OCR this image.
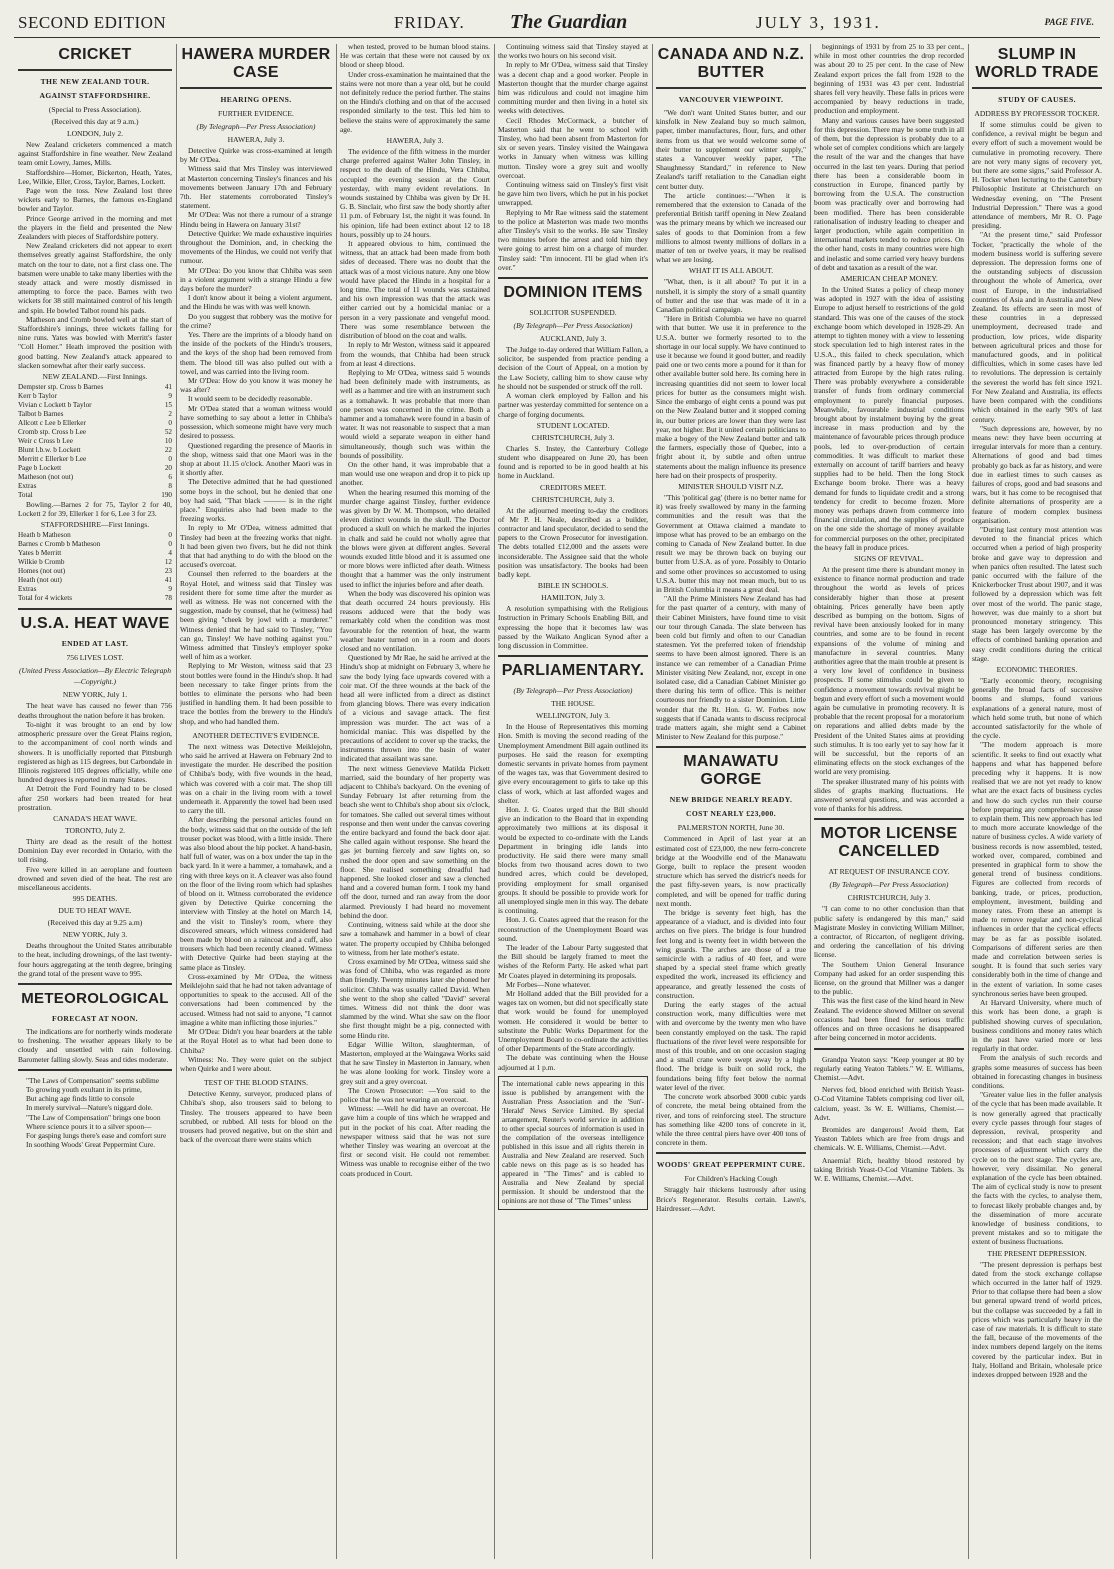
SECOND EDITION	FRIDAY. The Guardian	JULY 3, 1931.	PAGE FIVE.
CRICKET
THE NEW ZEALAND TOUR.
AGAINST STAFFORDSHIRE.
(Special to Press Association).
(Received this day at 9 a.m.)
LONDON, July 2.

New Zealand cricketers commenced a match against Staffordshire in fine weather. New Zealand team omit Lowry, James, Mills.

Staffordshire—Homer, Bickerton, Heath, Yates, Lee, Wilkie, Eller, Cross, Taylor, Barnes, Lockett.

Page won the toss. New Zealand lost three wickets early to Barnes, the famous ex-England bowler and Taylor.

Prince George arrived in the morning and met the players in the field and presented the New Zealanders with pieces of Staffordshire pottery.

New Zealand cricketers did not appear to exert themselves greatly against Staffordshire, the only match on the tour to date, not a first class one. The batsmen were unable to take many liberties with the steady attack and were mostly dismissed in attempting to force the pace. Barnes with two wickets for 38 still maintained control of his length and spin. He bowled Talbot round his pads.

Matheson and Cromb bowled well at the start of Staffordshire's innings, three wickets falling for nine runs. Yates was bowled with Merritt's faster "Coll Homer." Heath improved the position with good batting. New Zealand's attack appeared to slacken somewhat after their early success.

NEW ZEALAND.—First Innings.
Dempster stp. Cross b Barnes	41
Kerr b Taylor	9
Vivian c Lockett b Taylor	15
Talbot b Barnes	2
Allcott c Lee b Ellerker	0
Cromb stp. Cross b Lee	52
Weir c Cross b Lee	10
Blunt l.b.w. b Lockett	22
Merritt c Ellerker b Lee	0
Page b Lockett	20
Matheson (not out)	6
Extras	8
Total	190

Bowling.—Barnes 2 for 75, Taylor 2 for 40, Lockett 2 for 39, Ellerker 1 for 6, Lee 3 for 23.

STAFFORDSHIRE—First Innings.
Heath b Matheson	0
Barnes c Cromb b Matheson	0
Yates b Merritt	4
Wilkie b Cromb	12
Homes (not out)	23
Heath (not out)	41
Extras	9
Total for 4 wickets	78
U.S.A. HEAT WAVE
ENDED AT LAST.
756 LIVES LOST.
(United Press Association—By Electric Telegraph—Copyright.)
NEW YORK, July 1.

The heat wave has caused no fewer than 756 deaths throughout the nation before it has broken.

To-night it was brought to an end by low atmospheric pressure over the Great Plains region, to the accompaniment of cool north winds and showers. It is unofficially reported that Pittsburgh registered as high as 115 degrees, but Carbondale in Illinois registered 105 degrees officially, while one hundred degrees is reported in many States.

At Detroit the Ford Foundry had to be closed after 250 workers had been treated for heat prostration.

CANADA'S HEAT WAVE.
TORONTO, July 2.

Thirty are dead as the result of the hottest Dominion Day ever recorded in Ontario, with the toll rising.

Five were killed in an aeroplane and fourteen drowned and seven died of the heat. The rest are miscellaneous accidents.

995 DEATHS.
DUE TO HEAT WAVE.
(Received this day at 9.25 a.m)
NEW YORK, July 3.

Deaths throughout the United States attributable to the heat, including drownings, of the last twenty-four hours aggregating at the tenth degree, bringing the grand total of the present wave to 995.

METEOROLOGICAL
FORECAST AT NOON.

The indications are for northerly winds moderate to freshening. The weather appears likely to be cloudy and unsettled with rain following. Barometer falling slowly. Seas and tides moderate.

"The Laws of Compensation" seems sublime

To growing youth exultant in its prime,

But aching age finds little to console

In merely survival—Nature's niggard dole.

"The Law of Compensation" brings one boon

Where science pours it to a silver spoon—

For gasping lungs there's ease and comfort sure

In soothing Woods' Great Peppermint Cure.

HAWERA MURDER CASE
HEARING OPENS.
FURTHER EVIDENCE.
(By Telegraph—Per Press Association)
HAWERA, July 3.

Detective Quirke was cross-examined at length by Mr O'Dea.

Witness said that Mrs Tinsley was interviewed at Masterton concerning Tinsley's finances and his movements between January 17th and February 7th. Her statements corroborated Tinsley's statement.

Mr O'Dea: Was not there a rumour of a strange Hindu being in Hawera on January 31st?

Detective Quirke: We made exhaustive inquiries throughout the Dominion, and, in checking the movements of the Hindus, we could not verify that rumour.

Mr O'Dea: Do you know that Chhiba was seen in a violent argument with a strange Hindu a few days before the murder?

I don't know about it being a violent argument, and the Hindu he was with was well known.

Do you suggest that robbery was the motive for the crime?

Yes. There are the imprints of a bloody hand on the inside of the pockets of the Hindu's trousers, and the keys of the shop had been removed from them. The blood till was also pulled out with a towel, and was carried into the living room.

Mr O'Dea: How do you know it was money he was after?

It would seem to be decidedly reasonable.

Mr O'Dea stated that a woman witness would have something to say about a letter in Chhiba's possession, which someone might have very much desired to possess.

Questioned regarding the presence of Maoris in the shop, witness said that one Maori was in the shop at about 11.15 o'clock. Another Maori was in it shortly after.

The Detective admitted that he had questioned some boys in the school, but he denied that one boy had said, "That black ——— is in the right place." Enquiries also had been made to the freezing works.

In reply to Mr O'Dea, witness admitted that Tinsley had been at the freezing works that night. It had been given two fivers, but he did not think that that had anything to do with the blood on the accused's overcoat.

Counsel then referred to the boarders at the Royal Hotel, and witness said that Tinsley was resident there for some time after the murder as well as witness. He was not concerned with the suggestion, made by counsel, that he (witness) had been giving "cheek by jowl with a murderer." Witness denied that he had said to Tinsley, "You can go, Tinsley! We have nothing against you." Witness admitted that Tinsley's employer spoke well of him as a worker.

Replying to Mr Weston, witness said that 23 stout bottles were found in the Hindu's shop. It had been necessary to take finger prints from the bottles to eliminate the persons who had been justified in handling them. It had been possible to trace the bottles from the brewery to the Hindu's shop, and who had handled them.

ANOTHER DETECTIVE'S EVIDENCE.

The next witness was Detective Meiklejohn, who said he arrived at Hawera on February 2nd to investigate the murder. He described the position of Chhiba's body, with five wounds in the head, which was covered with a coir mat. The shop till was on a chair in the living room with a towel underneath it. Apparently the towel had been used to carry the till.

After describing the personal articles found on the body, witness said that on the outside of the left trouser pocket was blood, with a little inside. There was also blood about the hip pocket. A hand-basin, half full of water, was on a box under the tap in the back yard. In it were a hammer, a tomahawk, and a ring with three keys on it. A cleaver was also found on the floor of the living room which had splashes of blood on it. Witness corroborated the evidence given by Detective Quirke concerning the interview with Tinsley at the hotel on March 14, and the visit to Tinsley's room, where they discovered smears, which witness considered had been made by blood on a raincoat and a cuff, also trousers which had been recently cleaned. Witness with Detective Quirke had been staying at the same place as Tinsley.

Cross-examined by Mr O'Dea, the witness Meiklejohn said that he had not taken advantage of opportunities to speak to the accused. All of the conversations had been commenced by the accused. Witness had not said to anyone, "I cannot imagine a white man inflicting those injuries."

Mr O'Dea: Didn't you hear boarders at the table at the Royal Hotel as to what had been done to Chhiba?

Witness: No. They were quiet on the subject when Quirke and I were about.

TEST OF THE BLOOD STAINS.

Detective Kenny, surveyor, produced plans of Chhiba's shop, also trousers said to belong to Tinsley. The trousers appeared to have been scrubbed, or rubbed. All tests for blood on the trousers had proved negative, but on the shirt and back of the overcoat there were stains which

when tested, proved to be human blood stains. He was certain that these were not caused by ox blood or sheep blood.

Under cross-examination he maintained that the stains were not more than a year old, but he could not definitely reduce the period further. The stains on the Hindu's clothing and on that of the accused responded similarly to the test. This led him to believe the stains were of approximately the same age.

HAWERA, July 3.

The evidence of the fifth witness in the murder charge preferred against Walter John Tinsley, in respect to the death of the Hindu, Vera Chhiba, occupied the evening session at the Court yesterday, with many evident revelations. In wounds sustained by Chhiba was given by Dr H. G. B. Sinclair, who first saw the body shortly after 11 p.m. of February 1st, the night it was found. In his opinion, life had been extinct about 12 to 18 hours, possibly up to 24 hours.

It appeared obvious to him, continued the witness, that an attack had been made from both sides of deceased. There was no doubt that the attack was of a most vicious nature. Any one blow would have placed the Hindu in a hospital for a long time. The total of 11 wounds was sustained and his own impression was that the attack was either carried out by a homicidal maniac or a person in a very passionate and vengeful mood. There was some resemblance between the distribution of blood on the coat and walls.

In reply to Mr Weston, witness said it appeared from the wounds, that Chhiba had been struck from at least 4 directions.

Replying to Mr O'Dea, witness said 5 wounds had been definitely made with instruments, as well as a hammer and tire with an instrument such as a tomahawk. It was probable that more than one person was concerned in the crime. Both a hammer and a tomahawk were found in a basin of water. It was not reasonable to suspect that a man would wield a separate weapon in either hand simultaneously, though such was within the bounds of possibility.

On the other hand, it was improbable that a man would use one weapon and drop it to pick up another.

When the hearing resumed this morning of the murder charge against Tinsley, further evidence was given by Dr W. M. Thompson, who detailed eleven distinct wounds in the skull. The Doctor produced a skull on which he marked the injuries in chalk and said he could not wholly agree that the blows were given at different angles. Several wounds exuded little blood and it is assumed one or more blows were inflicted after death. Witness thought that a hammer was the only instrument used to inflict the injuries before and after death.

When the body was discovered his opinion was that death occurred 24 hours previously. His reasons adduced were that the body was remarkably cold when the condition was most favourable for the retention of heat, the warm weather heater turned on in a room and doors closed and no ventilation.

Questioned by Mr Rae, he said he arrived at the Hindu's shop at midnight on February 3, where he saw the body lying face upwards covered with a coir mat. Of the three wounds at the back of the head all were inflicted from a direct as distinct from glancing blows. There was every indication of a vicious and savage attack. The first impression was murder. The act was of a homicidal maniac. This was dispelled by the precautions of accident to cover up the tracks, the instruments thrown into the basin of water indicated that assailant was sane.

The next witness Genevieve Matilda Pickett married, said the boundary of her property was adjacent to Chhiba's backyard. On the evening of Sunday February 1st after returning from the beach she went to Chhiba's shop about six o'clock, for tomatoes. She called out several times without response and then went under the canvas covering the entire backyard and found the back door ajar. She called again without response. She heard the gas jet burning fiercely and saw lights on, so rushed the door open and saw something on the floor. She realised something dreadful had happened. She looked closer and saw a clenched hand and a covered human form. I took my hand off the door, turned and ran away from the door alarmed. Previously I had heard no movement behind the door.

Continuing, witness said while at the door she saw a tomahawk and hammer in a bowl of clear water. The property occupied by Chhiba belonged to witness, from her late mother's estate.

Cross examined by Mr O'Dea, witness said she was fond of Chhiba, who was regarded as more than friendly. Twenty minutes later she phoned her solicitor. Chhiba was usually called David. When she went to the shop she called "David" several times. Witness did not think the door was slammed by the wind. What she saw on the floor she first thought might be a pig, connected with some Hindu rite.

Edgar Willie Wilton, slaughterman, of Masterton, employed at the Waingawa Works said that he saw Tinsley in Masterton in January, when he was alone looking for work. Tinsley wore a grey suit and a grey overcoat.

The Crown Prosecutor: —You said to the police that he was not wearing an overcoat.

Witness: —Well he did have an overcoat. He gave him a couple of tins which he wrapped and put in the pocket of his coat. After reading the newspaper witness said that he was not sure whether Tinsley was wearing an overcoat at the first or second visit. He could not remember. Witness was unable to recognise either of the two coats produced in Court.

Continuing witness said that Tinsley stayed at the works two hours on his second visit.

In reply to Mr O'Dea, witness said that Tinsley was a decent chap and a good worker. People in Masterton thought that the murder charge against him was ridiculous and could not imagine him committing murder and then living in a hotel six weeks with detectives.

Cecil Rhodes McCormack, a butcher of Masterton said that he went to school with Tinsley, who had been absent from Masterton for six or seven years. Tinsley visited the Waingawa works in January when witness was killing mutton. Tinsley wore a grey suit and woolly overcoat.

Continuing witness said on Tinsley's first visit he gave him two livers, which he put in his pocket unwrapped.

Replying to Mr Rae witness said the statement to the police at Masterton was made two months after Tinsley's visit to the works. He saw Tinsley two minutes before the arrest and told him they were going to arrest him on a charge of murder. Tinsley said: "I'm innocent. I'll be glad when it's over."

DOMINION ITEMS
SOLICITOR SUSPENDED.
(By Telegraph—Per Press Association)
AUCKLAND, July 3.

The Judge to-day ordered that William Fallon, a solicitor, be suspended from practice pending a decision of the Court of Appeal, on a motion by the Law Society, calling him to show cause why he should not be suspended or struck off the roll.

A woman clerk employed by Fallon and his partner was yesterday committed for sentence on a charge of forging documents.

STUDENT LOCATED.
CHRISTCHURCH, July 3.

Charles S. Instey, the Canterbury College student who disappeared on June 20, has been found and is reported to be in good health at his home in Auckland.

CREDITORS MEET.
CHRISTCHURCH, July 3.

At the adjourned meeting to-day the creditors of Mr P. H. Neale, described as a builder, contractor and land speculator, decided to send the papers to the Crown Prosecutor for investigation. The debts totalled £12,000 and the assets were inconsiderable. The Assignee said that the whole position was unsatisfactory. The books had been badly kept.

BIBLE IN SCHOOLS.
HAMILTON, July 3.

A resolution sympathising with the Religious Instruction in Primary Schools Enabling Bill, and expressing the hope that it becomes law was passed by the Waikato Anglican Synod after a long discussion in Committee.

PARLIAMENTARY.
(By Telegraph—Per Press Association)
THE HOUSE.
WELLINGTON, July 3.

In the House of Representatives this morning Hon. Smith is moving the second reading of the Unemployment Amendment Bill again outlined its purposes. He said the reason for exempting domestic servants in private homes from payment of the wages tax, was that Government desired to give every encouragement to girls to take up this class of work, which at last afforded wages and shelter.

Hon. J. G. Coates urged that the Bill should give an indication to the Board that in expending approximately two millions at its disposal it would be expected to co-ordinate with the Lands Department in bringing idle lands into productivity. He said there were many small blocks from two thousand acres down to two hundred acres, which could be developed, providing employment for small organised groups. It should be possible to provide work for all unemployed single men in this way. The debate is continuing.

Hon. J. G. Coates agreed that the reason for the reconstruction of the Unemployment Board was sound.

The leader of the Labour Party suggested that the Bill should be largely framed to meet the wishes of the Reform Party. He asked what part Mr Coates played in determining its proposals.

Mr Forbes—None whatever.

Mr Holland added that the Bill provided for a wages tax on women, but did not specifically state that work would be found for unemployed women. He considered it would be better to substitute the Public Works Department for the Unemployment Board to co-ordinate the activities of other Departments of the State accordingly.

The debate was continuing when the House adjourned at 1 p.m.

The international cable news appearing in this issue is published by arrangement with the Australian Press Association and the 'Sun'-'Herald' News Service Limited. By special arrangement, Reuter's world service in addition to other special sources of information is used in the compilation of the overseas intelligence published in this issue and all rights therein in Australia and New Zealand are reserved. Such cable news on this page as is so headed has appeared in "The Times" and is cabled to Australia and New Zealand by special permission. It should be understood that the opinions are not those of "The Times" unless
CANADA AND N.Z. BUTTER
VANCOUVER VIEWPOINT.

"We don't want United States butter, and our kinsfolk in New Zealand buy so much salmon, paper, timber manufactures, flour, furs, and other items from us that we would welcome some of their butter to supplement our winter supply," states a Vancouver weekly paper, "The Shaughnessy Standard," in reference to New Zealand's tariff retaliation to the Canadian eight cent butter duty.

The article continues:—"When it is remembered that the extension to Canada of the preferential British tariff opening in New Zealand was the primary means by which we increased our sales of goods to that Dominion from a few millions to almost twenty millions of dollars in a matter of ten or twelve years, it may be realised what we are losing.

WHAT IT IS ALL ABOUT.

"What, then, is it all about? To put it in a nutshell, it is simply the story of a small quantity of butter and the use that was made of it in a Canadian political campaign.

"Here in British Columbia we have no quarrel with that butter. We use it in preference to the U.S.A. butter we formerly resorted to to the shortage in our local supply. We have continued to use it because we found it good butter, and readily paid one or two cents more a pound for it than for other available butter sold here. Its coming here in increasing quantities did not seem to lower local prices for butter as the consumers might wish. Since the embargo of eight cents a pound was put on the New Zealand butter and it stopped coming in, our butter prices are lower than they were last year, not higher. But it united certain politicians to make a bogey of the New Zealand butter and talk the farmers, especially those of Quebec, into a fright about it, by subtle and often untrue statements about the malign influence its presence here had on their prospects of prosperity.

MINISTER SHOULD VISIT N.Z.

"This 'political gag' (there is no better name for it) was freely swallowed by many in the farming communities and the result was that the Government at Ottawa claimed a mandate to impose what has proved to be an embargo on the coming to Canada of New Zealand butter. In due result we may be thrown back on buying our butter from U.S.A. as of yore. Possibly to Ontario and some other provinces so accustomed to using U.S.A. butter this may not mean much, but to us in British Columbia it means a great deal.

"All the Prime Ministers New Zealand has had for the past quarter of a century, with many of their Cabinet Ministers, have found time to visit our tour through Canada. The slate between has been cold but firmly and often to our Canadian statesmen. Yet the preferred token of friendship seems to have been almost ignored. There is an instance we can remember of a Canadian Prime Minister visiting New Zealand, nor, except in one isolated case, did a Canadian Cabinet Minister go there during his term of office. This is neither courteous nor friendly to a sister Dominion. Little wonder that the Rt. Hon. G. W. Forbes now suggests that if Canada wants to discuss reciprocal trade matters again, she might send a Cabinet Minister to New Zealand for this purpose."

MANAWATU GORGE
NEW BRIDGE NEARLY READY.
COST NEARLY £23,000.
PALMERSTON NORTH, June 30.

Commenced in April of last year at an estimated cost of £23,000, the new ferro-concrete bridge at the Woodville end of the Manawatu Gorge, built to replace the present wooden structure which has served the district's needs for the past fifty-seven years, is now practically completed, and will be opened for traffic during next month.

The bridge is seventy feet high, has the appearance of a viaduct, and is divided into four arches on five piers. The bridge is four hundred feet long and is twenty feet in width between the wing guards. The arches are those of a true semicircle with a radius of 40 feet, and were shaped by a special steel frame which greatly expedited the work, increased its efficiency and appearance, and greatly lessened the costs of construction.

During the early stages of the actual construction work, many difficulties were met with and overcome by the twenty men who have been constantly employed on the task. The rapid fluctuations of the river level were responsible for most of this trouble, and on one occasion staging and a small crane were swept away by a high flood. The bridge is built on solid rock, the foundations being fifty feet below the normal water level of the river.

The concrete work absorbed 3000 cubic yards of concrete, the metal being obtained from the river, and tons of reinforcing steel. The structure has something like 4200 tons of concrete in it, while the three central piers have over 400 tons of concrete in them.

WOODS' GREAT PEPPERMINT CURE.
For Children's Hacking Cough

Straggly hair thickens lustrously after using Brice's Regenerator. Results certain. Lawn's, Hairdresser.—Advt.

beginnings of 1931 by from 25 to 33 per cent., while in most other countries the drop recorded was about 20 to 25 per cent. In the case of New Zealand export prices the fall from 1928 to the beginning of 1931 was 43 per cent. Industrial shares fell very heavily. These falls in prices were accompanied by heavy reductions in trade, production and employment.

Many and various causes have been suggested for this depression. There may be some truth in all of them, but the depression is probably due to a whole set of complex conditions which are largely the result of the war and the changes that have occurred in the last ten years. During that period there has been a considerable boom in construction in Europe, financed partly by borrowing from the U.S.A. The construction boom was practically over and borrowing had been modified. There has been considerable rationalisation of industry leading to cheaper and larger production, while again competition in international markets tended to reduce prices. On the other hand, costs in many countries were high and inelastic and some carried very heavy burdens of debt and taxation as a result of the war.

AMERICAN CHEAP MONEY.

In the United States a policy of cheap money was adopted in 1927 with the idea of assisting Europe to adjust herself to restrictions of the gold standard. This was one of the causes of the stock exchange boom which developed in 1928-29. An attempt to tighten money with a view to lessening stock speculation led to high interest rates in the U.S.A., this failed to check speculation, which was financed partly by a heavy flow of money attracted from Europe by the high rates ruling. There was probably everywhere a considerable transfer of funds from ordinary commercial employment to purely financial purposes. Meanwhile, favourable industrial conditions brought about by instalment buying by the great increase in mass production and by the maintenance of favourable prices through produce pools, led to over-production of certain commodities. It was difficult to market these externally on account of tariff barriers and heavy supplies had to be held. Then the long Stock Exchange boom broke. There was a heavy demand for funds to liquidate credit and a strong tendency for credit to become frozen. More money was perhaps drawn from commerce into financial circulation, and the supplies of produce on the one side the shortage of money available for commercial purposes on the other, precipitated the heavy fall in produce prices.

SIGNS OF REVIVAL.

At the present time there is abundant money in existence to finance normal production and trade throughout the world as levels of prices considerably higher than those at present obtaining. Prices generally have been aptly described as bumping on the bottom. Signs of revival have been anxiously looked for in many countries, and some are to be found in recent expansions of the volume of mining and manufacture in several countries. Many authorities agree that the main trouble at present is a very low level of confidence in business prospects. If some stimulus could be given to confidence a movement towards revival might be begun and every effort of such a movement would again be cumulative in promoting recovery. It is probable that the recent proposal for a moratorium on reparations and allied debts made by the President of the United States aims at providing such stimulus. It is too early yet to say how far it will be successful, but the reports of an eliminating effects on the stock exchanges of the world are very promising.

The speaker illustrated many of his points with slides of graphs marking fluctuations. He answered several questions, and was accorded a vote of thanks for his address.

MOTOR LICENSE CANCELLED
AT REQUEST OF INSURANCE COY.
(By Telegraph—Per Press Association)
CHRISTCHURCH, July 3.

"I can come to no other conclusion than that public safety is endangered by this man," said Magistrate Mosley in convicting William Millner, a contractor, of Riccarton, of negligent driving, and ordering the cancellation of his driving license.

The Southern Union General Insurance Company had asked for an order suspending this license, on the ground that Millner was a danger to the public.

This was the first case of the kind heard in New Zealand. The evidence showed Millner on several occasions had been fined for serious traffic offences and on three occasions he disappeared after being concerned in motor accidents.

Grandpa Yeaton says: "Keep younger at 80 by regularly eating Yeaton Tablets." W. E. Williams, Chemist.—Advt.

Nerves fed, blood enriched with British Yeast-O-Cod Vitamine Tablets comprising cod liver oil, calcium, yeast. 3s W. E. Williams, Chemist.—Advt.

Bromides are dangerous! Avoid them, Eat Yeaston Tablets which are free from drugs and chemicals. W. E. Williams, Chemist.—Advt.

Anaemia! Rich, healthy blood restored by taking British Yeast-O-Cod Vitamine Tablets. 3s W. E. Williams, Chemist.—Advt.

SLUMP IN WORLD TRADE
STUDY OF CAUSES.
ADDRESS BY PROFESSOR TOCKER.

If some stimulus could be given to confidence, a revival might be begun and every effort of such a movement would be cumulative in promoting recovery. There are not very many signs of recovery yet, but there are some signs," said Professor A. H. Tocker when lecturing to the Canterbury Philosophic Institute at Christchurch on Wednesday evening, on "The Present Industrial Depression." There was a good attendance of members, Mr R. O. Page presiding.

"At the present time," said Professor Tocker, "practically the whole of the modern business world is suffering severe depression. The depression forms one of the outstanding subjects of discussion throughout the whole of America, over most of Europe, in the industrialised countries of Asia and in Australia and New Zealand. Its effects are seen in most of these countries in a depressed unemployment, decreased trade and production, low prices, wide disparity between agricultural prices and those for manufactured goods, and in political difficulties, which in some cases have led to revolutions. The depression is certainly the severest the world has felt since 1921. For New Zealand and Australia, its effects have been compared with the conditions which obtained in the early '90's of last century.

"Such depressions are, however, by no means new: they have been occurring at irregular intervals for more than a century. Alternations of good and bad times probably go back as far as history, and were due in earliest times to such causes as failures of crops, good and bad seasons and wars, but it has come to be recognised that definite alternations of prosperity are a feature of modern complex business organisation.

"During last century most attention was devoted to the financial prices which occurred when a period of high prosperity broke and gave way to depression and when panics often resulted. The latest such panic occurred with the failure of the Knickerbocker Trust about 1907, and it was followed by a depression which was felt over most of the world. The panic stage, however, was due mainly to a short but pronounced monetary stringency. This stage has been largely overcome by the effects of combined banking operation and easy credit conditions during the critical stage.

ECONOMIC THEORIES.

"Early economic theory, recognising generally the broad facts of successive booms and slumps, found various explanations of a general nature, most of which held some truth, but none of which accounted satisfactorily for the whole of the cycle.

"The modern approach is more scientific. It seeks to find out exactly what happens and what has happened before preceding why it happens. It is now realised that we are not yet ready to know what are the exact facts of business cycles and how do such cycles run their course before preparing any comprehensive cause to explain them. This new approach has led to much more accurate knowledge of the nature of business cycles. A wide variety of business records is now assembled, tested, worked over, compared, combined and presented in graphical form to show the general trend of business conditions. Figures are collected from records of banking, trade, or prices, production, employment, investment, building and money rates. From these an attempt is made to remove regular and non-cyclical influences in order that the cyclical effects may be as far as possible isolated. Comparisons of different series are then made and correlation between series is sought. It is found that such series vary considerably both in the time of change and in the extent of variation. In some cases synchronous series have been grouped.

At Harvard University, where much of this work has been done, a graph is published showing curves of speculation, business conditions and money rates which in the past have varied more or less regularly in that order.

From the analysis of such records and graphs some measures of success has been obtained in forecasting changes in business conditions.

"Greater value lies in the fuller analysis of the cycle that has been made available. It is now generally agreed that practically every cycle passes through four stages of depression, revival, prosperity and recession; and that each stage involves processes of adjustment which carry the cycle on to the next stage. The cycles are, however, very dissimilar. No general explanation of the cycle has been obtained. The aim of cyclical study is now to present the facts with the cycles, to analyse them, to forecast likely probable changes and, by the dissemination of more accurate knowledge of business conditions, to prevent mistakes and so to mitigate the extent of business fluctuations.

THE PRESENT DEPRESSION.

"The present depression is perhaps best dated from the stock exchange collapse which occurred in the latter half of 1929. Prior to that collapse there had been a slow but general upward trend of world prices, but the collapse was succeeded by a fall in prices which was particularly heavy in the case of raw materials. It is difficult to state the fall, because of the movements of the index numbers depend largely on the items covered by the particular index. But in Italy, Holland and Britain, wholesale price indexes dropped between 1928 and the
